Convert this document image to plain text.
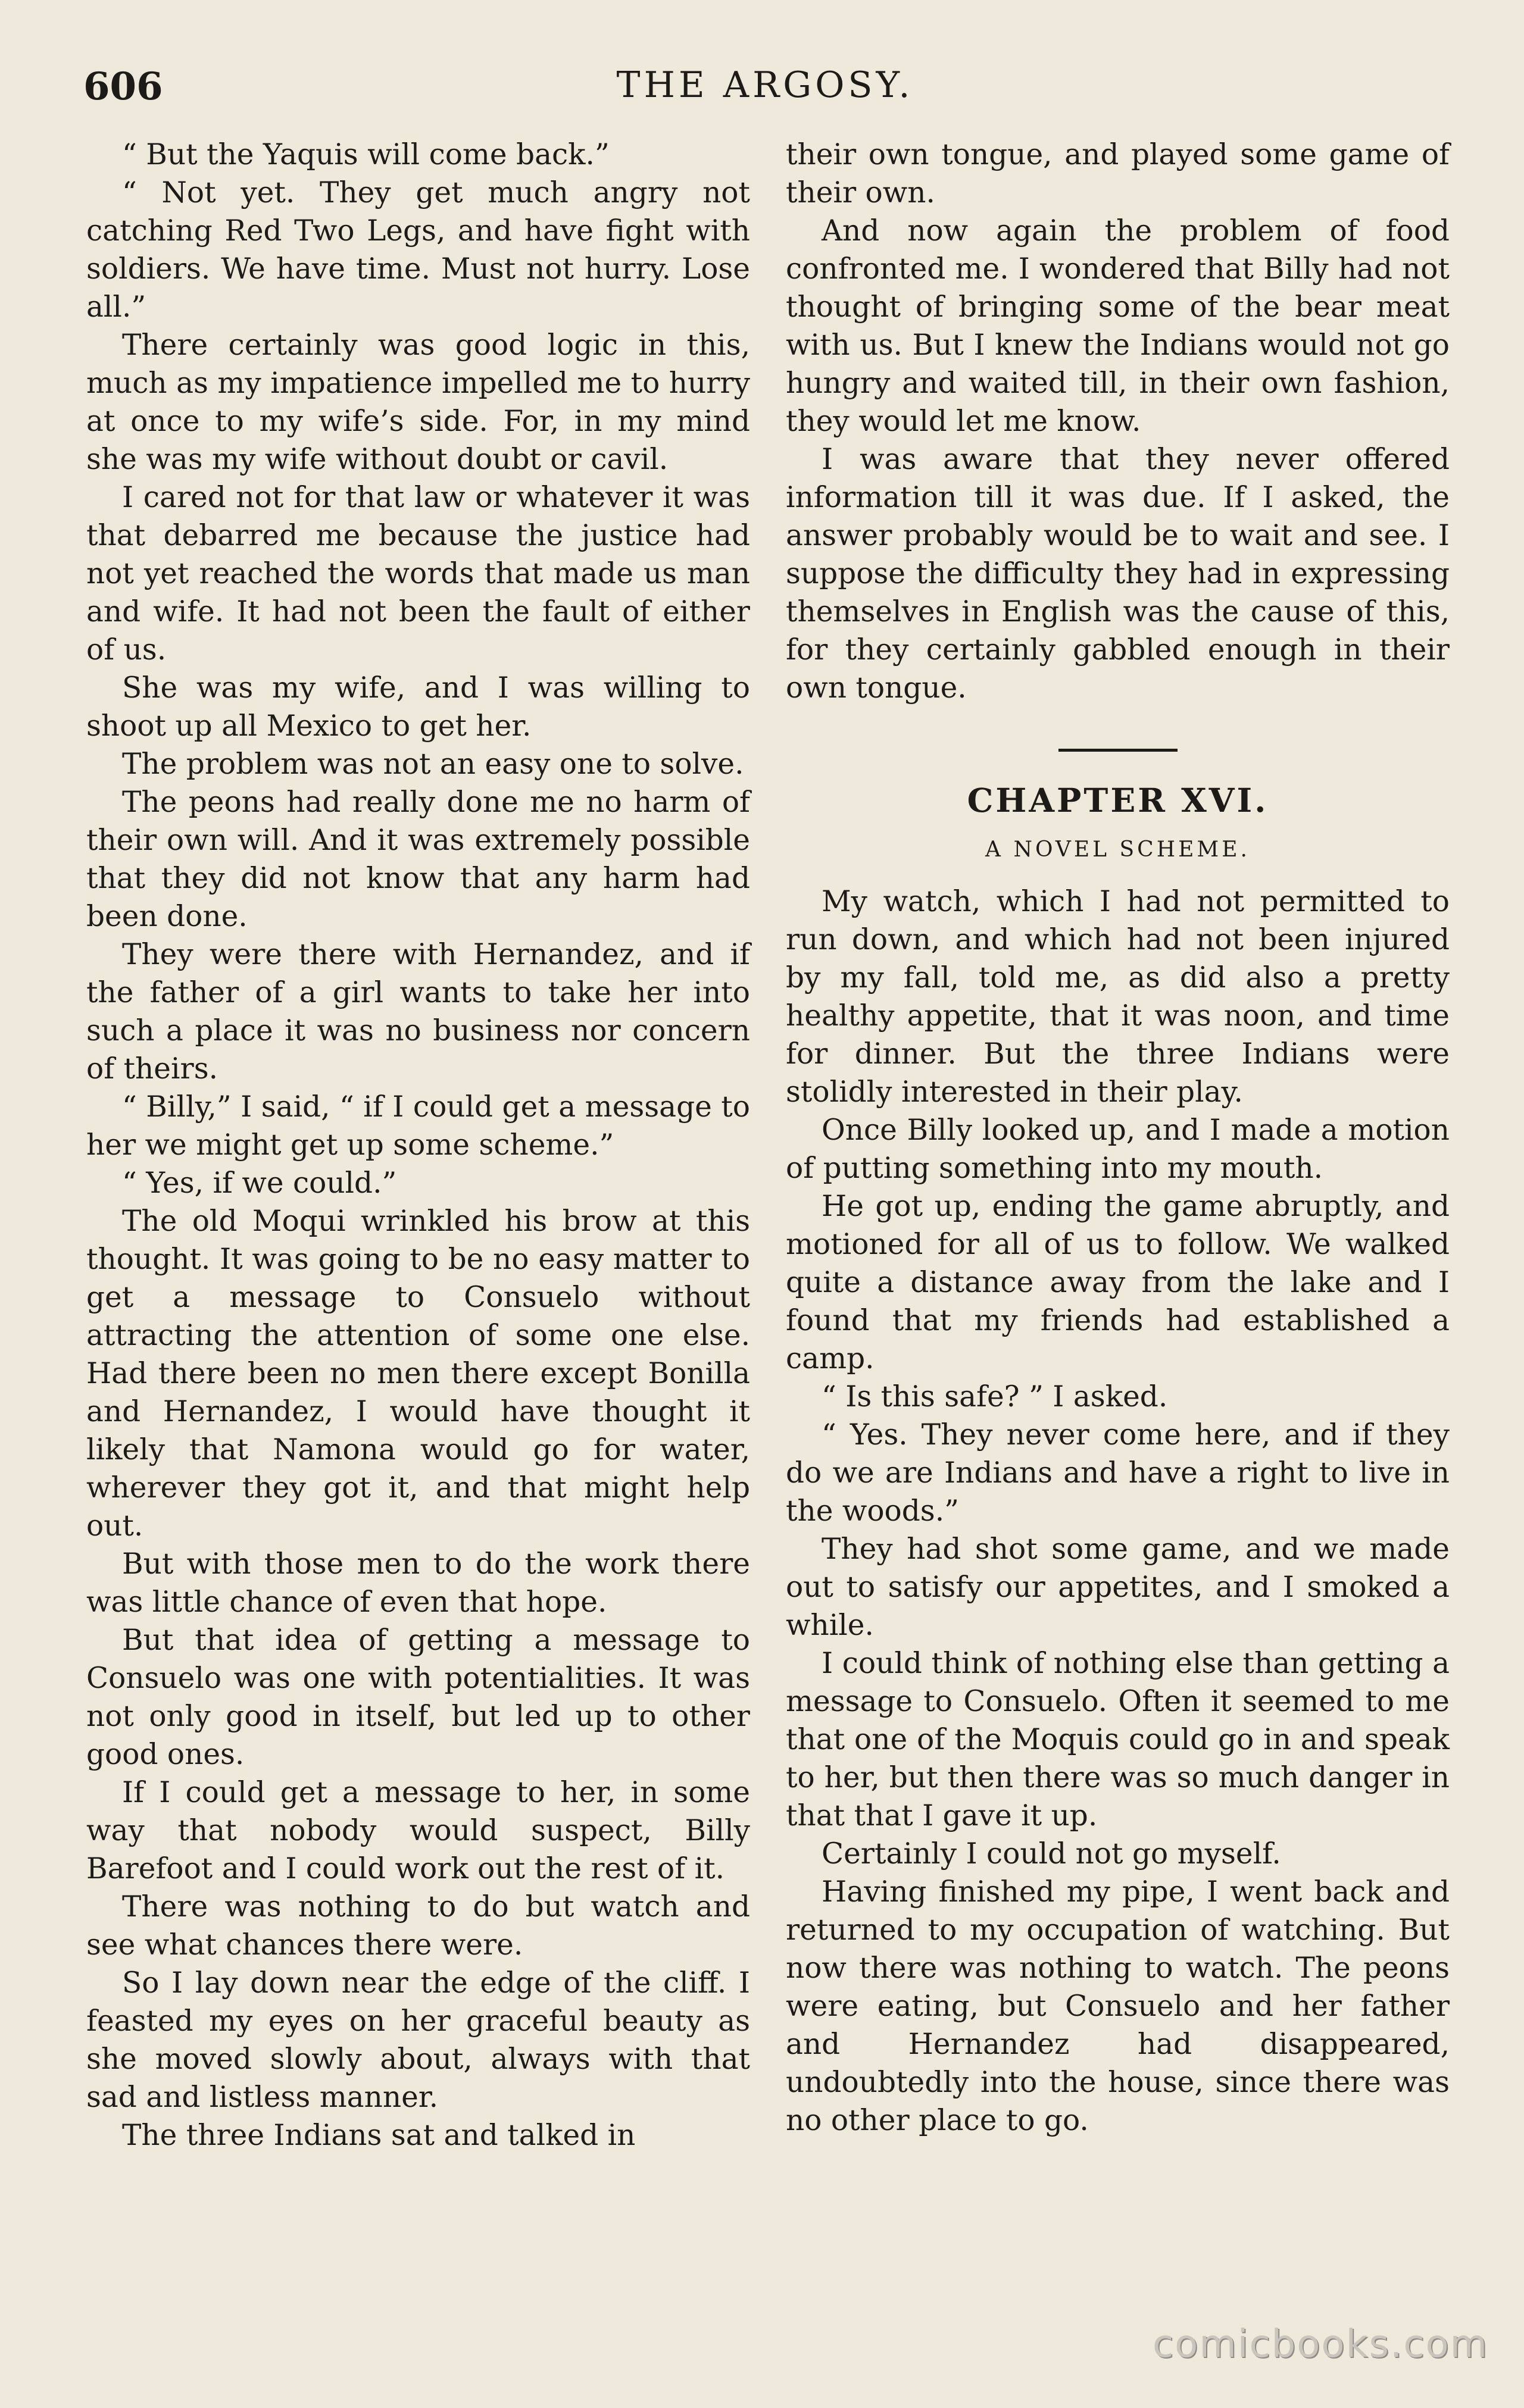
606	THE ARGOSY.

“ But the Yaquis will come back.”

“ Not yet. They get much angry not catching Red Two Legs, and have fight with soldiers. We have time. Must not hurry. Lose all.”

There certainly was good logic in this, much as my impatience impelled me to hurry at once to my wife’s side. For, in my mind she was my wife without doubt or cavil.

I cared not for that law or whatever it was that debarred me because the justice had not yet reached the words that made us man and wife. It had not been the fault of either of us.

She was my wife, and I was willing to shoot up all Mexico to get her.

The problem was not an easy one to solve.

The peons had really done me no harm of their own will. And it was extremely possible that they did not know that any harm had been done.

They were there with Hernandez, and if the father of a girl wants to take her into such a place it was no business nor concern of theirs.

“ Billy,” I said, “ if I could get a message to her we might get up some scheme.”

“ Yes, if we could.”

The old Moqui wrinkled his brow at this thought. It was going to be no easy matter to get a message to Consuelo without attracting the attention of some one else. Had there been no men there except Bonilla and Hernandez, I would have thought it likely that Namona would go for water, wherever they got it, and that might help out.

But with those men to do the work there was little chance of even that hope.

But that idea of getting a message to Consuelo was one with potentialities. It was not only good in itself, but led up to other good ones.

If I could get a message to her, in some way that nobody would suspect, Billy Barefoot and I could work out the rest of it.

There was nothing to do but watch and see what chances there were.

So I lay down near the edge of the cliff. I feasted my eyes on her graceful beauty as she moved slowly about, always with that sad and listless manner.

The three Indians sat and talked in

their own tongue, and played some game of their own.

And now again the problem of food confronted me. I wondered that Billy had not thought of bringing some of the bear meat with us. But I knew the Indians would not go hungry and waited till, in their own fashion, they would let me know.

I was aware that they never offered information till it was due. If I asked, the answer probably would be to wait and see. I suppose the difficulty they had in expressing themselves in English was the cause of this, for they certainly gabbled enough in their own tongue.

CHAPTER XVI.
A NOVEL SCHEME.

My watch, which I had not permitted to run down, and which had not been injured by my fall, told me, as did also a pretty healthy appetite, that it was noon, and time for dinner. But the three Indians were stolidly interested in their play.

Once Billy looked up, and I made a motion of putting something into my mouth.

He got up, ending the game abruptly, and motioned for all of us to follow. We walked quite a distance away from the lake and I found that my friends had established a camp.

“ Is this safe? ” I asked.

“ Yes. They never come here, and if they do we are Indians and have a right to live in the woods.”

They had shot some game, and we made out to satisfy our appetites, and I smoked a while.

I could think of nothing else than getting a message to Consuelo. Often it seemed to me that one of the Moquis could go in and speak to her, but then there was so much danger in that that I gave it up.

Certainly I could not go myself.

Having finished my pipe, I went back and returned to my occupation of watching. But now there was nothing to watch. The peons were eating, but Consuelo and her father and Hernandez had disappeared, undoubtedly into the house, since there was no other place to go.

comicbooks.com
